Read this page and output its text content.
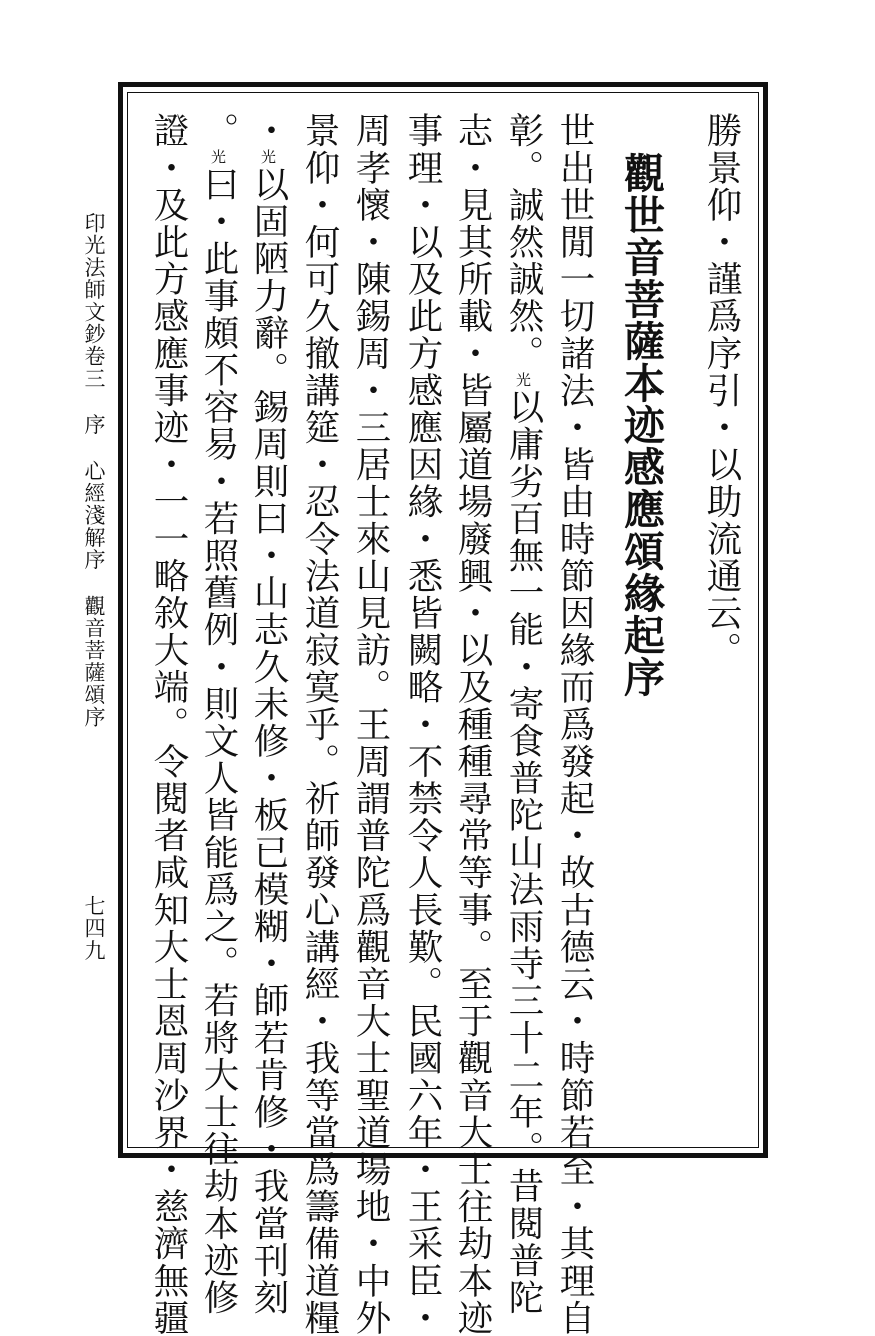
勝景仰・謹爲序引・以助流通云。
觀世音菩薩本迹感應頌緣起序
世出世閒一切諸法・皆由時節因緣而爲發起・故古德云・時節若至・其理自
彰。誠然誠然。光以庸劣百無一能・寄食普陀山法雨寺三十二年。昔閱普陀
志・見其所載・皆屬道場廢興・以及種種尋常等事。至于觀音大士往劫本迹
事理・以及此方感應因緣・悉皆闕略・不禁令人長歎。民國六年・王采臣・
周孝懷・陳錫周・三居士來山見訪。王周謂普陀爲觀音大士聖道場地・中外
景仰・何可久撤講筵・忍令法道寂寞乎。祈師發心講經・我等當爲籌備道糧
・光以固陋力辭。錫周則曰・山志久未修・板已模糊・師若肯修・我當刊刻
。光曰・此事頗不容易・若照舊例・則文人皆能爲之。若將大士往劫本迹修
證・及此方感應事迹・一一略敘大端。令閱者咸知大士恩周沙界・慈濟無疆
印光法師文鈔卷三序心經淺解序觀音菩薩頌序
七四九
